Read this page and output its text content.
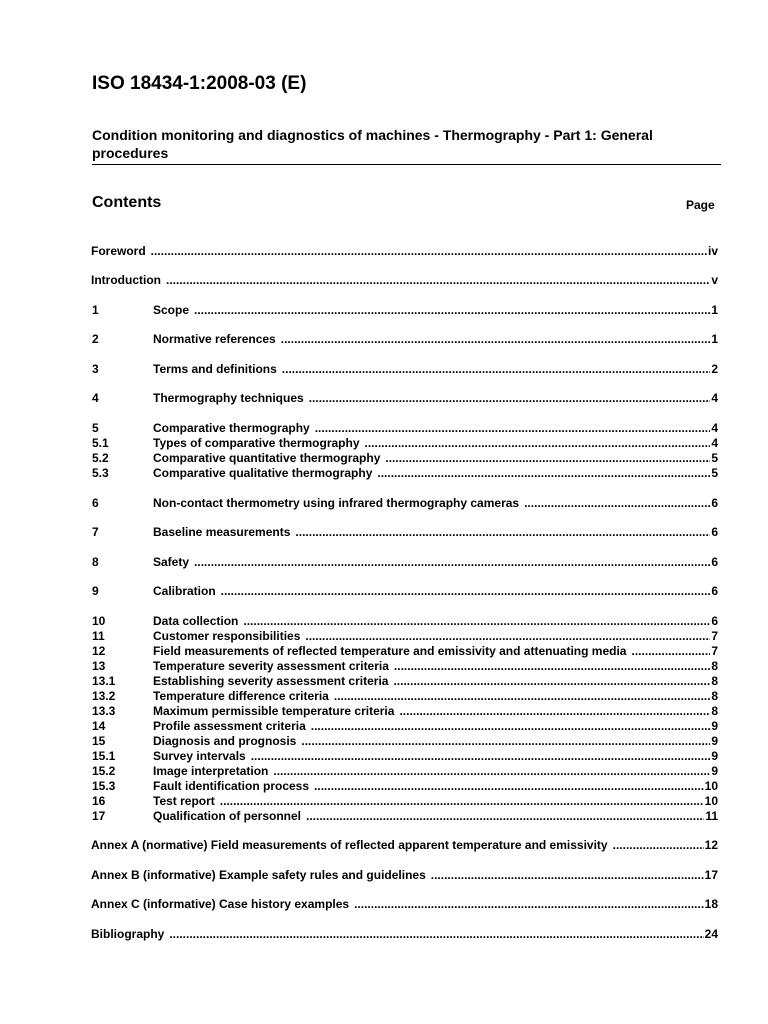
ISO 18434-1:2008-03 (E)

Condition monitoring and diagnostics of machines - Thermography - Part 1: General procedures

Contents	Page
Foreword .....	iv
Introduction .....	v
1	Scope .....	1
2	Normative references .....	1
3	Terms and definitions .....	2
4	Thermography techniques .....	4
5	Comparative thermography .....	4
5.1	Types of comparative thermography .....	4
5.2	Comparative quantitative thermography .....	5
5.3	Comparative qualitative thermography .....	5
6	Non-contact thermometry using infrared thermography cameras .....	6
7	Baseline measurements .....	6
8	Safety .....	6
9	Calibration .....	6
10	Data collection .....	6
11	Customer responsibilities .....	7
12	Field measurements of reflected temperature and emissivity and attenuating media .....	7
13	Temperature severity assessment criteria .....	8
13.1	Establishing severity assessment criteria .....	8
13.2	Temperature difference criteria .....	8
13.3	Maximum permissible temperature criteria .....	8
14	Profile assessment criteria .....	9
15	Diagnosis and prognosis .....	9
15.1	Survey intervals .....	9
15.2	Image interpretation .....	9
15.3	Fault identification process .....	10
16	Test report .....	10
17	Qualification of personnel .....	11
Annex A (normative) Field measurements of reflected apparent temperature and emissivity .....	12
Annex B (informative) Example safety rules and guidelines .....	17
Annex C (informative) Case history examples .....	18
Bibliography .....	24
